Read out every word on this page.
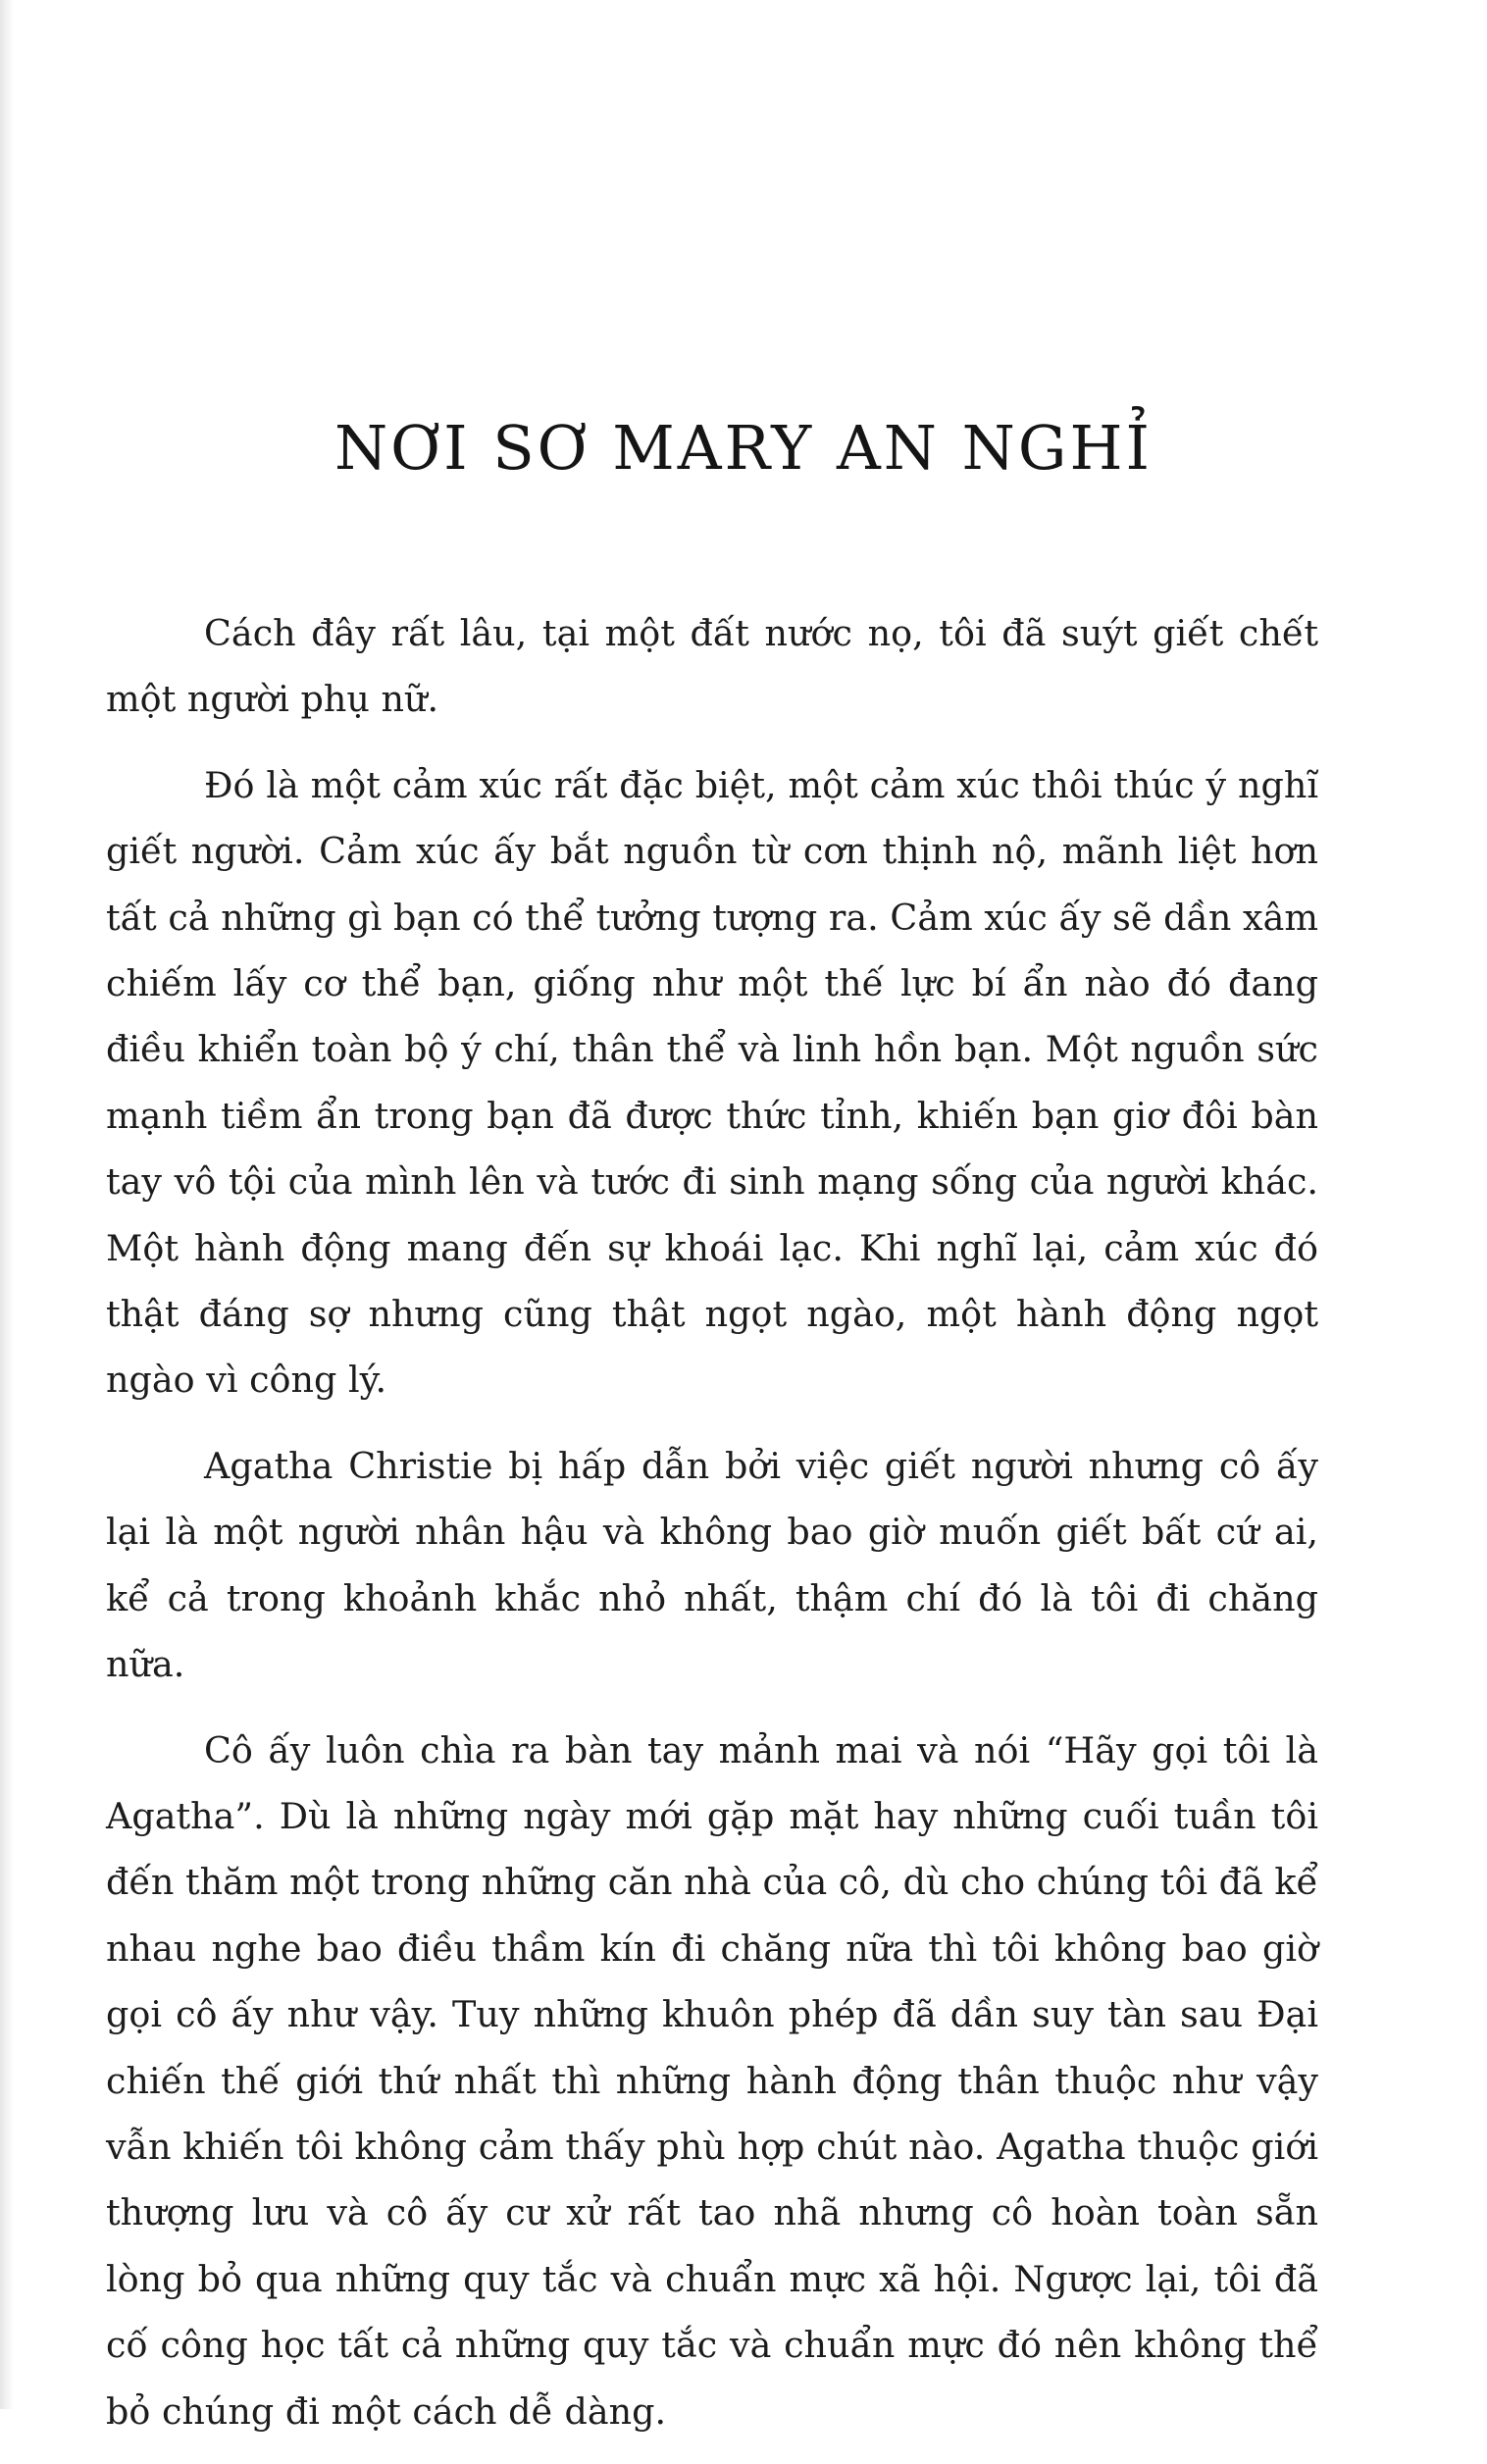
NƠI SƠ MARY AN NGHỈ

Cách đây rất lâu, tại một đất nước nọ, tôi đã suýt giết chết một người phụ nữ.

Đó là một cảm xúc rất đặc biệt, một cảm xúc thôi thúc ý nghĩ giết người. Cảm xúc ấy bắt nguồn từ cơn thịnh nộ, mãnh liệt hơn tất cả những gì bạn có thể tưởng tượng ra. Cảm xúc ấy sẽ dần xâm chiếm lấy cơ thể bạn, giống như một thế lực bí ẩn nào đó đang điều khiển toàn bộ ý chí, thân thể và linh hồn bạn. Một nguồn sức mạnh tiềm ẩn trong bạn đã được thức tỉnh, khiến bạn giơ đôi bàn tay vô tội của mình lên và tước đi sinh mạng sống của người khác. Một hành động mang đến sự khoái lạc. Khi nghĩ lại, cảm xúc đó thật đáng sợ nhưng cũng thật ngọt ngào, một hành động ngọt ngào vì công lý.

Agatha Christie bị hấp dẫn bởi việc giết người nhưng cô ấy lại là một người nhân hậu và không bao giờ muốn giết bất cứ ai, kể cả trong khoảnh khắc nhỏ nhất, thậm chí đó là tôi đi chăng nữa.

Cô ấy luôn chìa ra bàn tay mảnh mai và nói “Hãy gọi tôi là Agatha”. Dù là những ngày mới gặp mặt hay những cuối tuần tôi đến thăm một trong những căn nhà của cô, dù cho chúng tôi đã kể nhau nghe bao điều thầm kín đi chăng nữa thì tôi không bao giờ gọi cô ấy như vậy. Tuy những khuôn phép đã dần suy tàn sau Đại chiến thế giới thứ nhất thì những hành động thân thuộc như vậy vẫn khiến tôi không cảm thấy phù hợp chút nào. Agatha thuộc giới thượng lưu và cô ấy cư xử rất tao nhã nhưng cô hoàn toàn sẵn lòng bỏ qua những quy tắc và chuẩn mực xã hội. Ngược lại, tôi đã cố công học tất cả những quy tắc và chuẩn mực đó nên không thể bỏ chúng đi một cách dễ dàng.
